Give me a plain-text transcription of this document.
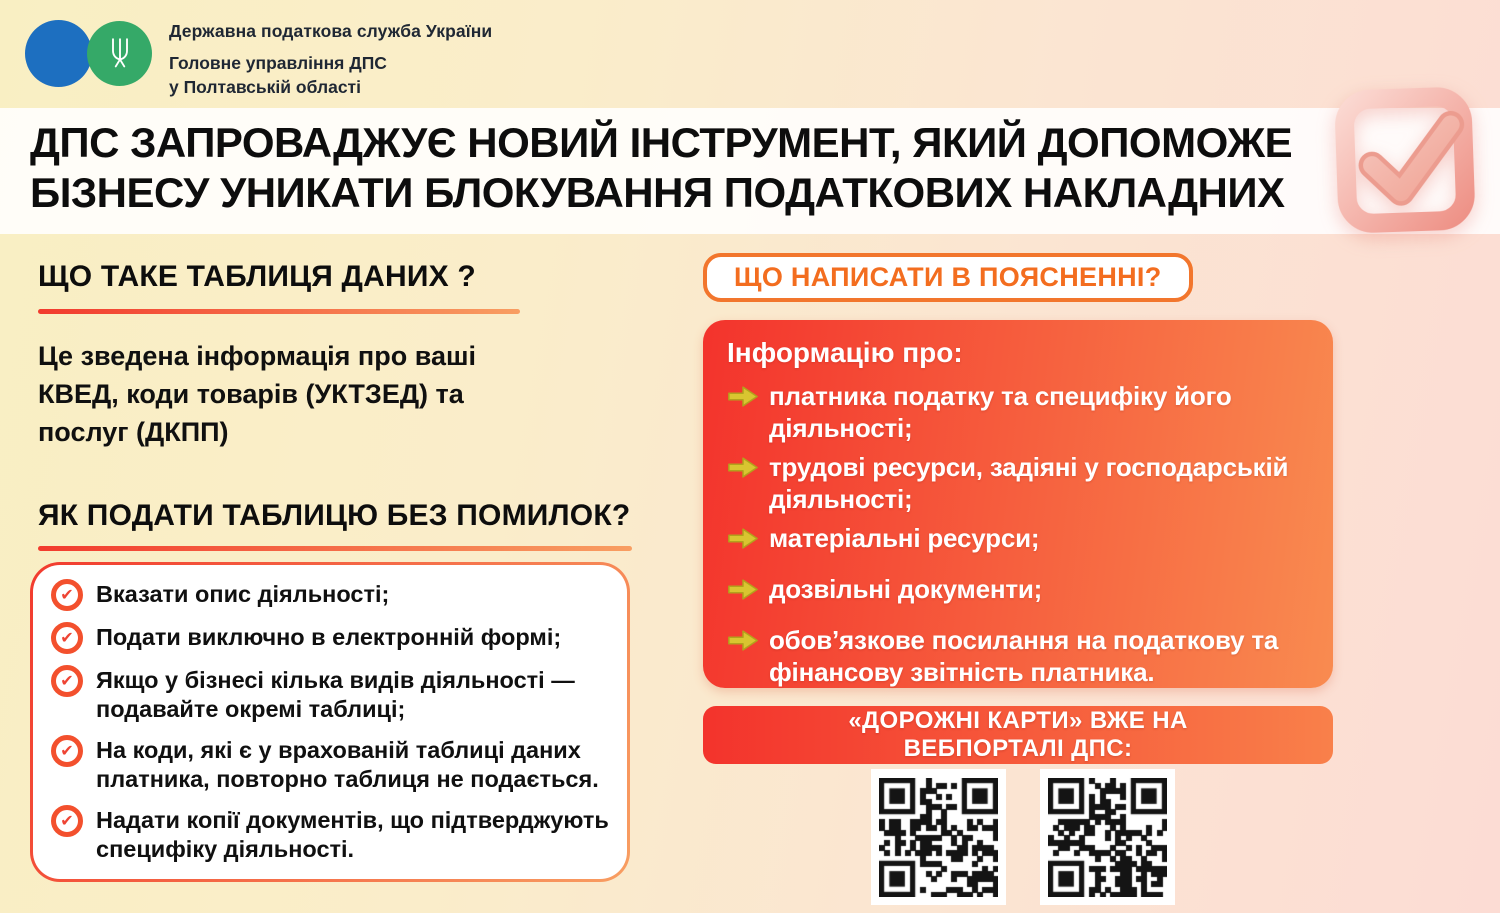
Державна податкова служба України
Головне управління ДПС
у Полтавській області
ДПС ЗАПРОВАДЖУЄ НОВИЙ ІНСТРУМЕНТ, ЯКИЙ ДОПОМОЖЕ
БІЗНЕСУ УНИКАТИ БЛОКУВАННЯ ПОДАТКОВИХ НАКЛАДНИХ
ЩО ТАКЕ ТАБЛИЦЯ ДАНИХ ?

Це зведена інформація про ваші КВЕД, коди товарів (УКТЗЕД) та послуг (ДКПП)

ЯК ПОДАТИ ТАБЛИЦЮ БЕЗ ПОМИЛОК?
✔ Вказати опис діяльності;
✔ Подати виключно в електронній формі;
✔ Якщо у бізнесі кілька видів діяльності — подавайте окремі таблиці;
✔ На коди, які є у врахованій таблиці даних платника, повторно таблиця не подається.
✔ Надати копії документів, що підтверджують специфіку діяльності.
ЩО НАПИСАТИ В ПОЯСНЕННІ?
Інформацію про:
платника податку та специфіку його діяльності;
трудові ресурси, задіяні у господарській діяльності;
матеріальні ресурси;
дозвільні документи;
обов’язкове посилання на податкову та фінансову звітність платника.
«ДОРОЖНІ КАРТИ» ВЖЕ НА
ВЕБПОРТАЛІ ДПС:
